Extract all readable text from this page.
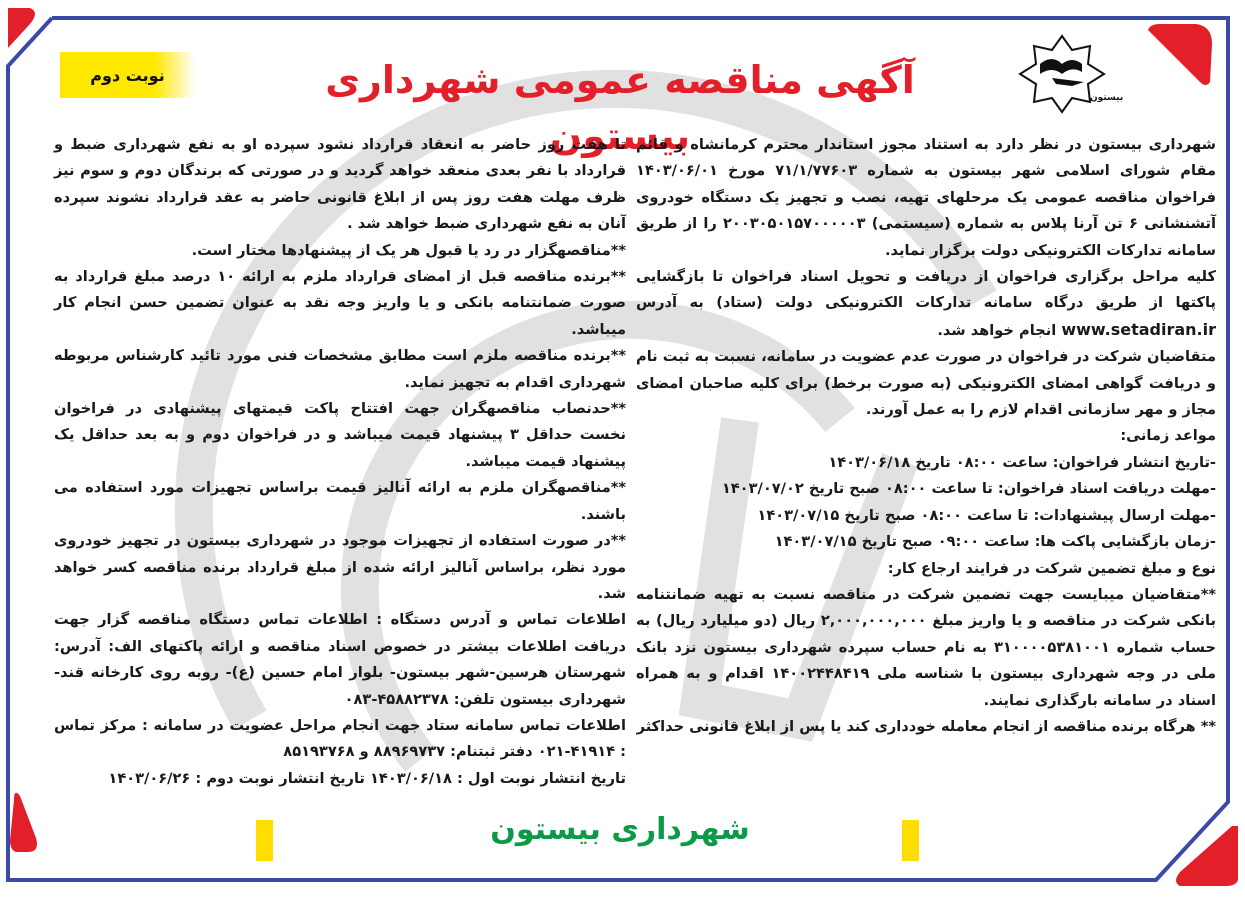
نوبت دوم	آگهی مناقصه عمومی شهرداری بیستون
بیستون

شهرداری بیستون در نظر دارد به استناد مجوز استاندار محترم کرمانشاه و قائم مقام شورای اسلامی شهر بیستون به شماره ۷۱/۱/۷۷۶۰۳ مورخ ۱۴۰۳/۰۶/۰۱ فراخوان مناقصه عمومی یک مرحلهای تهیه، نصب و تجهیز یک دستگاه خودروی آتشنشانی ۶ تن آرنا پلاس به شماره (سیستمی) ۲۰۰۳۰۵۰۱۵۷۰۰۰۰۰۳ را از طریق سامانه تدارکات الکترونیکی دولت برگزار نماید.

کلیه مراحل برگزاری فراخوان از دریافت و تحویل اسناد فراخوان تا بازگشایی پاکتها از طریق درگاه سامانه تدارکات الکترونیکی دولت (ستاد) به آدرس www.setadiran.ir انجام خواهد شد.

متقاضیان شرکت در فراخوان در صورت عدم عضویت در سامانه، نسبت به ثبت نام و دریافت گواهی امضای الکترونیکی (به صورت برخط) برای کلیه صاحبان امضای مجاز و مهر سازمانی اقدام لازم را به عمل آورند.

مواعد زمانی:

-تاریخ انتشار فراخوان: ساعت ۰۸:۰۰ تاریخ ۱۴۰۳/۰۶/۱۸

-مهلت دریافت اسناد فراخوان: تا ساعت ۰۸:۰۰ صبح تاریخ ۱۴۰۳/۰۷/۰۲

-مهلت ارسال پیشنهادات: تا ساعت ۰۸:۰۰ صبح تاریخ ۱۴۰۳/۰۷/۱۵

-زمان بازگشایی پاکت ها: ساعت ۰۹:۰۰ صبح تاریخ ۱۴۰۳/۰۷/۱۵

نوع و مبلغ تضمین شرکت در فرایند ارجاع کار:

**متقاضیان میبایست جهت تضمین شرکت در مناقصه نسبت به تهیه ضمانتنامه بانکی شرکت در مناقصه و یا واریز مبلغ ۲,۰۰۰,۰۰۰,۰۰۰ ریال (دو میلیارد ریال) به حساب شماره ۳۱۰۰۰۰۵۳۸۱۰۰۱ به نام حساب سپرده شهرداری بیستون نزد بانک ملی در وجه شهرداری بیستون با شناسه ملی ۱۴۰۰۲۴۴۸۴۱۹ اقدام و به همراه اسناد در سامانه بارگذاری نمایند.

** هرگاه برنده مناقصه از انجام معامله خودداری کند یا پس از ابلاغ قانونی حداکثر

تا هفت روز حاضر به انعقاد قرارداد نشود سپرده او به نفع شهرداری ضبط و قرارداد با نفر بعدی منعقد خواهد گردید و در صورتی که برندگان دوم و سوم نیز ظرف مهلت هفت روز پس از ابلاغ قانونی حاضر به عقد قرارداد نشوند سپرده آنان به نفع شهرداری ضبط خواهد شد .

**مناقصهگزار در رد یا قبول هر یک از پیشنهادها مختار است.

**برنده مناقصه قبل از امضای قرارداد ملزم به ارائه ۱۰ درصد مبلغ قرارداد به صورت ضمانتنامه بانکی و یا واریز وجه نقد به عنوان تضمین حسن انجام کار میباشد.

**برنده مناقصه ملزم است مطابق مشخصات فنی مورد تائید کارشناس مربوطه شهرداری اقدام به تجهیز نماید.

**حدنصاب مناقصهگران جهت افتتاح پاکت قیمتهای پیشنهادی در فراخوان نخست حداقل ۳ پیشنهاد قیمت میباشد و در فراخوان دوم و به بعد حداقل یک پیشنهاد قیمت میباشد.

**مناقصهگران ملزم به ارائه آنالیز قیمت براساس تجهیزات مورد استفاده می باشند.

**در صورت استفاده از تجهیزات موجود در شهرداری بیستون در تجهیز خودروی مورد نظر، براساس آنالیز ارائه شده از مبلغ قرارداد برنده مناقصه کسر خواهد شد.

اطلاعات تماس و آدرس دستگاه : اطلاعات تماس دستگاه مناقصه گزار جهت دریافت اطلاعات بیشتر در خصوص اسناد مناقصه و ارائه پاکتهای الف: آدرس: شهرستان هرسین-شهر بیستون- بلوار امام حسین (ع)- روبه روی کارخانه قند- شهرداری بیستون تلفن: ۴۵۸۸۲۳۷۸-۰۸۳

اطلاعات تماس سامانه ستاد جهت انجام مراحل عضویت در سامانه : مرکز تماس : ۴۱۹۱۴-۰۲۱ دفتر ثبتنام: ۸۸۹۶۹۷۳۷ و ۸۵۱۹۳۷۶۸

تاریخ انتشار نوبت اول : ۱۴۰۳/۰۶/۱۸ تاریخ انتشار نوبت دوم : ۱۴۰۳/۰۶/۲۶

شهرداری بیستون
